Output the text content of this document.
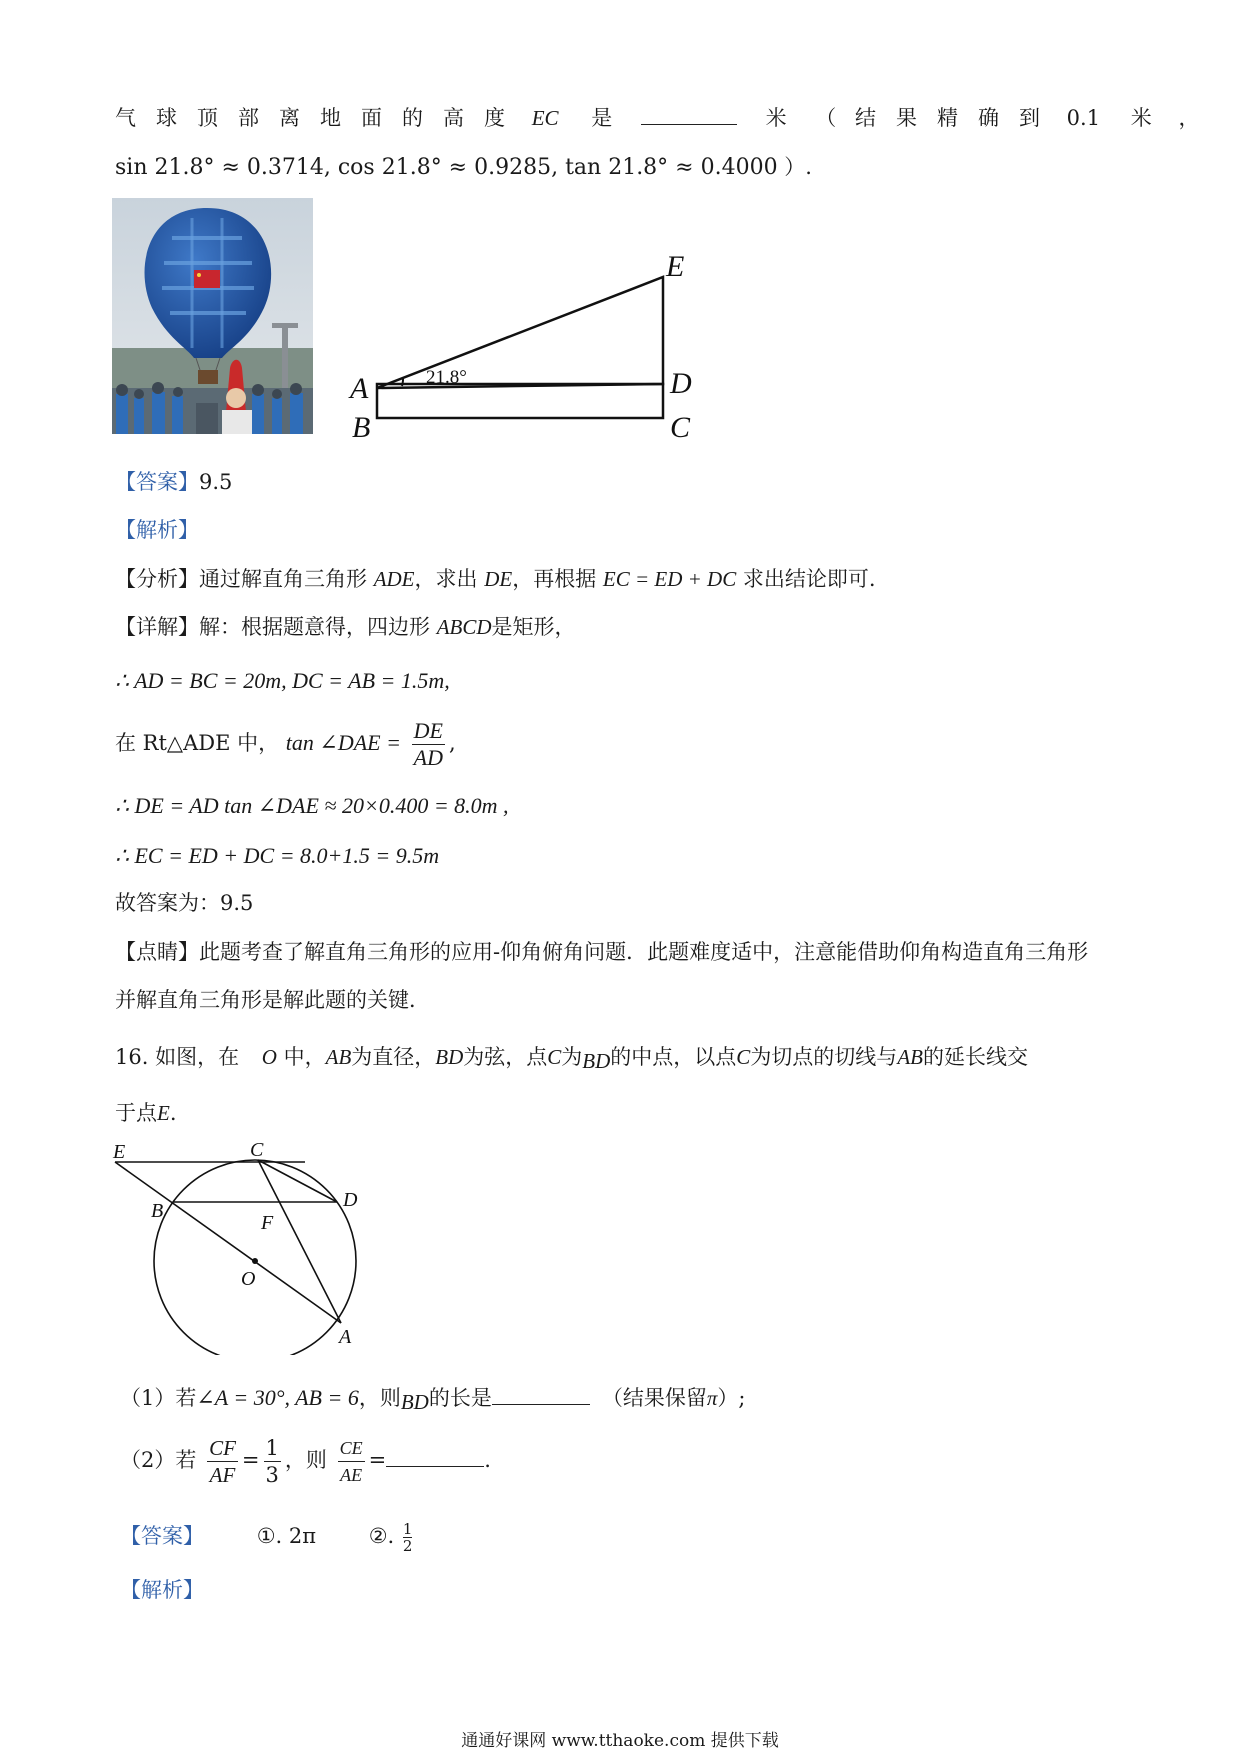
气球顶部离地面的高度 EC 是	米 （ 结果精确到 0.1 米 ，
sin 21.8° ≈ 0.3714, cos 21.8° ≈ 0.9285, tan 21.8° ≈ 0.4000 ）.
A
B	C
D
E
21.8°
【答案】9.5
【解析】
【分析】通过解直角三角形 ADE，求出 DE，再根据 EC = ED + DC 求出结论即可.
【详解】解：根据题意得，四边形 ABCD是矩形，
∴ AD = BC = 20m, DC = AB = 1.5m,
在 Rt△ADE 中， tan ∠DAE = $\frac{DE}{AD}$ ,
∴ DE = AD tan ∠DAE ≈ 20×0.400 = 8.0m ,
∴ EC = ED + DC = 8.0+1.5 = 9.5m
故答案为：9.5
【点睛】此题考查了解直角三角形的应用-仰角俯角问题．此题难度适中，注意能借助仰角构造直角三角形
并解直角三角形是解此题的关键．
16. 如图，在 O 中，AB为直径，BD为弦，点C为BD的中点，以点C为切点的切线与AB的延长线交
于点E.
E	C
D
B
F
O
A
（1）若∠A = 30°, AB = 6，则BD的长是	（结果保留π）;
（2）若 $\frac{CF}{AF} = \frac{1}{3}$ ，则 $\frac{CE}{AE}$ =	.
【答案】	①. 2π	②. $\frac{1}{2}$
【解析】
通通好课网 www.tthaoke.com 提供下载
